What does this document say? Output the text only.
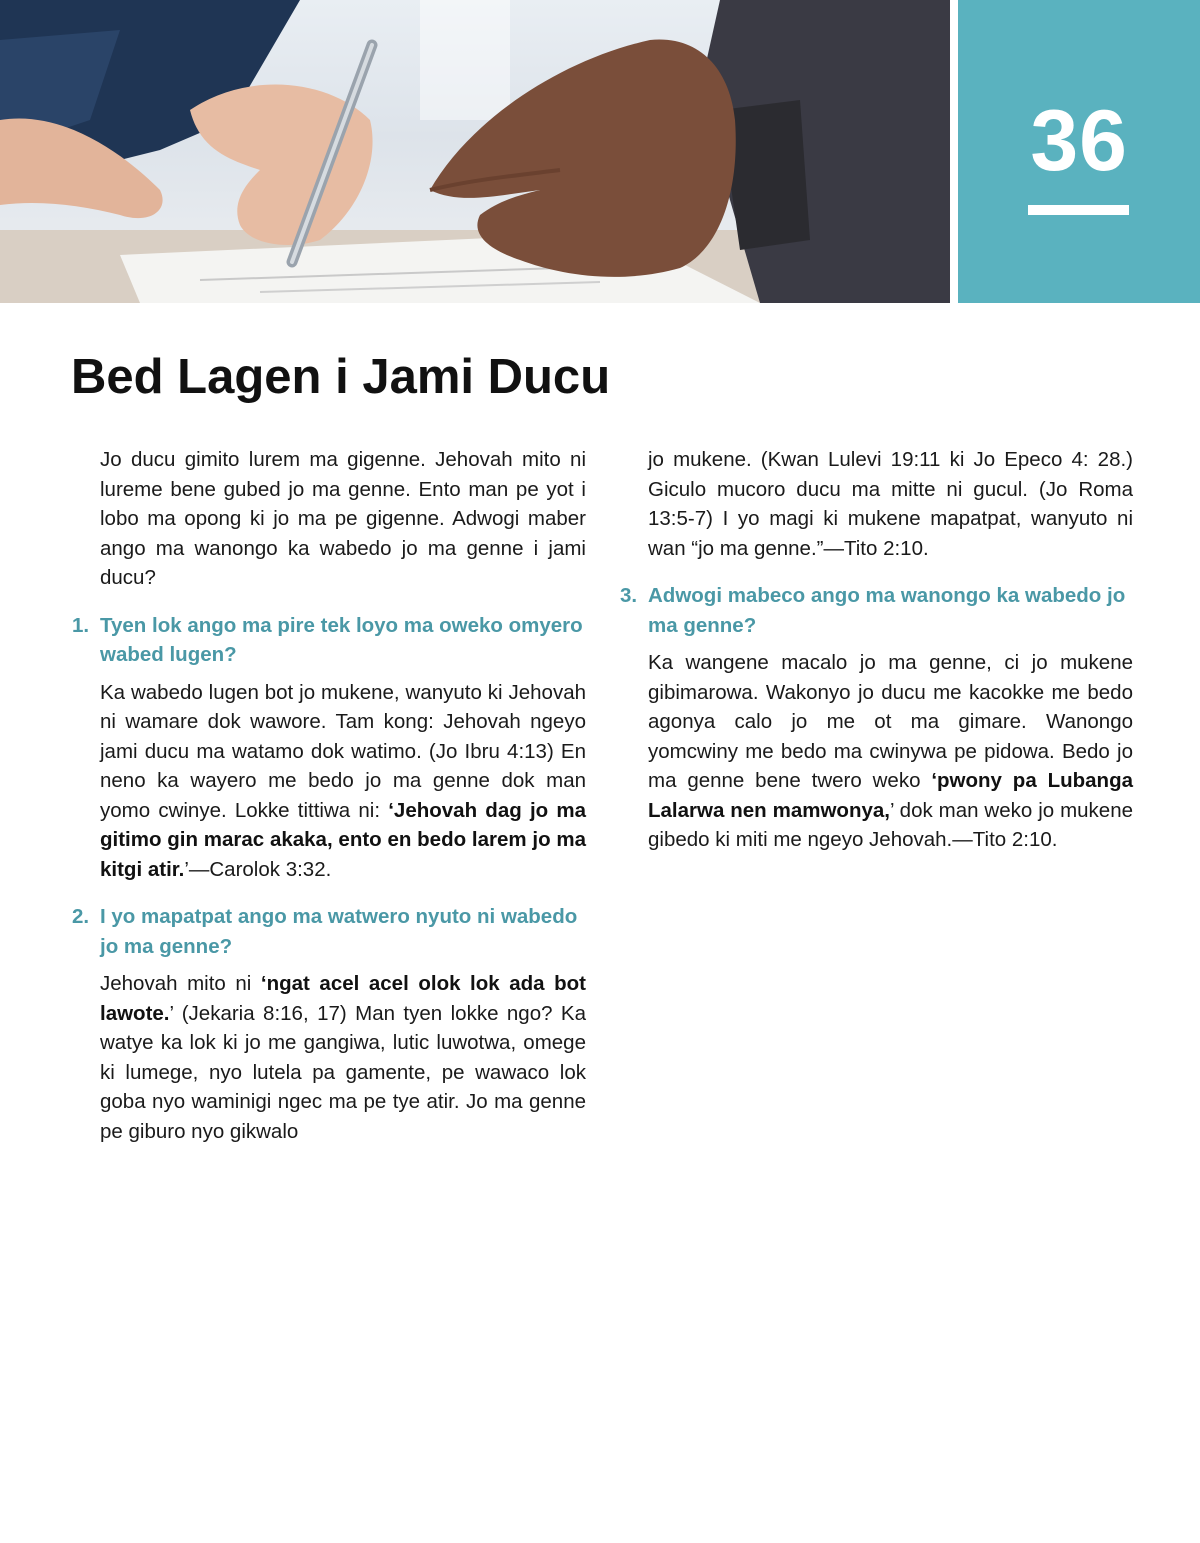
36
Bed Lagen i Jami Ducu

Jo ducu gimito lurem ma gigenne. Jehovah mito ni lureme bene gubed jo ma genne. Ento man pe yot i lobo ma opong ki jo ma pe gigenne. Adwogi maber ango ma wanongo ka wabedo jo ma genne i jami ducu?

1. Tyen lok ango ma pire tek loyo ma oweko omyero wabed lugen?

Ka wabedo lugen bot jo mukene, wanyuto ki Jehovah ni wamare dok wawore. Tam kong: Jehovah ngeyo jami ducu ma watamo dok watimo. (Jo Ibru 4:13) En neno ka wayero me bedo jo ma genne dok man yomo cwinye. Lokke tittiwa ni: ‘Jehovah dag jo ma gitimo gin marac akaka, ento en bedo larem jo ma kitgi atir.’—Carolok 3:32.

2. I yo mapatpat ango ma watwero nyuto ni wabedo jo ma genne?

Jehovah mito ni ‘ngat acel acel olok lok ada bot lawote.’ (Jekaria 8:16, 17) Man tyen lokke ngo? Ka watye ka lok ki jo me gangiwa, lutic luwotwa, omege ki lumege, nyo lutela pa gamente, pe wawaco lok goba nyo waminigi ngec ma pe tye atir. Jo ma genne pe giburo nyo gikwalo

jo mukene. (Kwan Lulevi 19:11 ki Jo Epeco 4: 28.) Giculo mucoro ducu ma mitte ni gucul. (Jo Roma 13:5-7) I yo magi ki mukene mapatpat, wanyuto ni wan “jo ma genne.”—Tito 2:10.

3. Adwogi mabeco ango ma wanongo ka wabedo jo ma genne?

Ka wangene macalo jo ma genne, ci jo mukene gibimarowa. Wakonyo jo ducu me kacokke me bedo agonya calo jo me ot ma gimare. Wanongo yomcwiny me bedo ma cwinywa pe pidowa. Bedo jo ma genne bene twero weko ‘pwony pa Lubanga Lalarwa nen mamwonya,’ dok man weko jo mukene gibedo ki miti me ngeyo Jehovah.—Tito 2:10.
